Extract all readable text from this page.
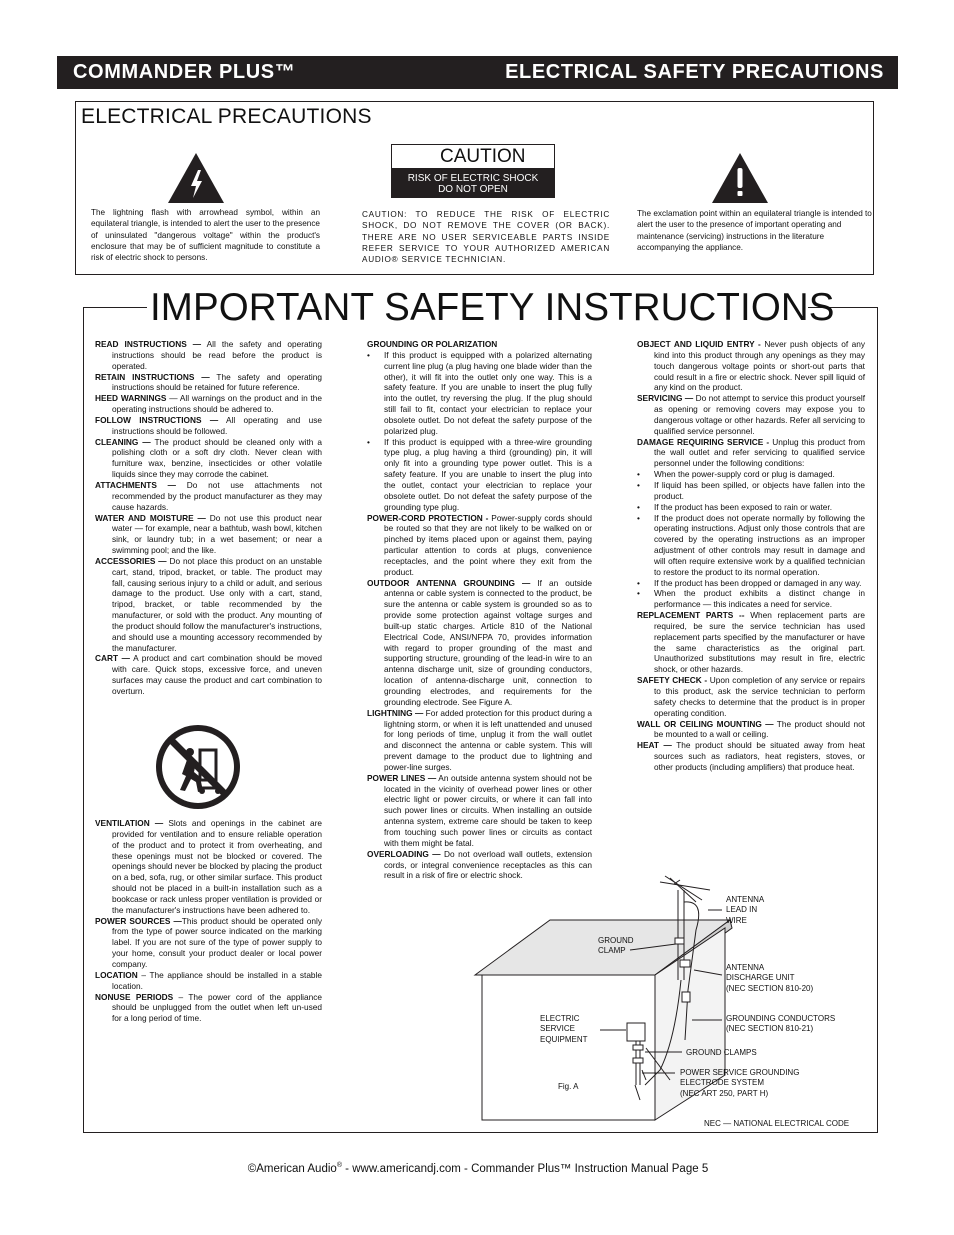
COMMANDER PLUS™	ELECTRICAL SAFETY PRECAUTIONS
ELECTRICAL PRECAUTIONS
The lightning flash with arrowhead symbol, within an equilateral triangle, is intended to alert the user to the presence of uninsulated "dangerous voltage" within the product's enclosure that may be of sufficient magnitude to constitute a risk of electric shock to persons.
CAUTION
RISK OF ELECTRIC SHOCK
DO NOT OPEN
CAUTION: TO REDUCE THE RISK OF ELECTRIC SHOCK, DO NOT REMOVE THE COVER (OR BACK). THERE ARE NO USER SERVICEABLE PARTS INSIDE REFER SERVICE TO YOUR AUTHORIZED AMERICAN AUDIO® SERVICE TECHNICIAN.
The exclamation point within an equilateral triangle is intended to alert the user to the presence of important operating and maintenance (servicing) instructions in the literature accompanying the appliance.
IMPORTANT SAFETY INSTRUCTIONS
READ INSTRUCTIONS — All the safety and operating instructions should be read before the product is operated.
RETAIN INSTRUCTIONS — The safety and operating instructions should be retained for future reference.
HEED WARNINGS — All warnings on the product and in the operating instructions should be adhered to.
FOLLOW INSTRUCTIONS — All operating and use instructions should be followed.
CLEANING — The product should be cleaned only with a polishing cloth or a soft dry cloth. Never clean with furniture wax, benzine, insecticides or other volatile liquids since they may corrode the cabinet.
ATTACHMENTS — Do not use attachments not recommended by the product manufacturer as they may cause hazards.
WATER AND MOISTURE — Do not use this product near water — for example, near a bathtub, wash bowl, kitchen sink, or laundry tub; in a wet basement; or near a swimming pool; and the like.
ACCESSORIES — Do not place this product on an unstable cart, stand, tripod, bracket, or table. The product may fall, causing serious injury to a child or adult, and serious damage to the product. Use only with a cart, stand, tripod, bracket, or table recommended by the manufacturer, or sold with the product. Any mounting of the product should follow the manufacturer's instructions, and should use a mounting accessory recommended by the manufacturer.
CART — A product and cart combination should be moved with care. Quick stops, excessive force, and uneven surfaces may cause the product and cart combination to overturn.
VENTILATION — Slots and openings in the cabinet are provided for ventilation and to ensure reliable operation of the product and to protect it from overheating, and these openings must not be blocked or covered. The openings should never be blocked by placing the product on a bed, sofa, rug, or other similar surface. This product should not be placed in a built-in installation such as a bookcase or rack unless proper ventilation is provided or the manufacturer's instructions have been adhered to.
POWER SOURCES —This product should be operated only from the type of power source indicated on the marking label. If you are not sure of the type of power supply to your home, consult your product dealer or local power company.
LOCATION – The appliance should be installed in a stable location.
NONUSE PERIODS – The power cord of the appliance should be unplugged from the outlet when left un-used for a long period of time.
GROUNDING OR POLARIZATION
• If this product is equipped with a polarized alternating current line plug (a plug having one blade wider than the other), it will fit into the outlet only one way. This is a safety feature. If you are unable to insert the plug fully into the outlet, try reversing the plug. If the plug should still fail to fit, contact your electrician to replace your obsolete outlet. Do not defeat the safety purpose of the polarized plug.
• If this product is equipped with a three-wire grounding type plug, a plug having a third (grounding) pin, it will only fit into a grounding type power outlet. This is a safety feature. If you are unable to insert the plug into the outlet, contact your electrician to replace your obsolete outlet. Do not defeat the safety purpose of the grounding type plug.
POWER-CORD PROTECTION - Power-supply cords should be routed so that they are not likely to be walked on or pinched by items placed upon or against them, paying particular attention to cords at plugs, convenience receptacles, and the point where they exit from the product.
OUTDOOR ANTENNA GROUNDING — If an outside antenna or cable system is connected to the product, be sure the antenna or cable system is grounded so as to provide some protection against voltage surges and built-up static charges. Article 810 of the National Electrical Code, ANSI/NFPA 70, provides information with regard to proper grounding of the mast and supporting structure, grounding of the lead-in wire to an antenna discharge unit, size of grounding conductors, location of antenna-discharge unit, connection to grounding electrodes, and requirements for the grounding electrode. See Figure A.
LIGHTNING — For added protection for this product during a lightning storm, or when it is left unattended and unused for long periods of time, unplug it from the wall outlet and disconnect the antenna or cable system. This will prevent damage to the product due to lightning and power-line surges.
POWER LINES — An outside antenna system should not be located in the vicinity of overhead power lines or other electric light or power circuits, or where it can fall into such power lines or circuits. When installing an outside antenna system, extreme care should be taken to keep from touching such power lines or circuits as contact with them might be fatal.
OVERLOADING — Do not overload wall outlets, extension cords, or integral convenience receptacles as this can result in a risk of fire or electric shock.
OBJECT AND LIQUID ENTRY - Never push objects of any kind into this product through any openings as they may touch dangerous voltage points or short-out parts that could result in a fire or electric shock. Never spill liquid of any kind on the product.
SERVICING — Do not attempt to service this product yourself as opening or removing covers may expose you to dangerous voltage or other hazards. Refer all servicing to qualified service personnel.
DAMAGE REQUIRING SERVICE - Unplug this product from the wall outlet and refer servicing to qualified service personnel under the following conditions:
• When the power-supply cord or plug is damaged.
• If liquid has been spilled, or objects have fallen into the product.
• If the product has been exposed to rain or water.
• If the product does not operate normally by following the operating instructions. Adjust only those controls that are covered by the operating instructions as an improper adjustment of other controls may result in damage and will often require extensive work by a qualified technician to restore the product to its normal operation.
• If the product has been dropped or damaged in any way.
• When the product exhibits a distinct change in performance — this indicates a need for service.
REPLACEMENT PARTS -- When replacement parts are required, be sure the service technician has used replacement parts specified by the manufacturer or have the same characteristics as the original part. Unauthorized substitutions may result in fire, electric shock, or other hazards.
SAFETY CHECK - Upon completion of any service or repairs to this product, ask the service technician to perform safety checks to determine that the product is in proper operating condition.
WALL OR CEILING MOUNTING — The product should not be mounted to a wall or ceiling.
HEAT — The product should be situated away from heat sources such as radiators, heat registers, stoves, or other products (including amplifiers) that produce heat.
ANTENNA
LEAD IN
WIRE
GROUND
CLAMP
ANTENNA
DISCHARGE UNIT
(NEC SECTION 810-20)
ELECTRIC
SERVICE
EQUIPMENT
GROUNDING CONDUCTORS
(NEC SECTION 810-21)
GROUND CLAMPS
POWER SERVICE GROUNDING
ELECTRODE SYSTEM
(NEC ART 250, PART H)
Fig. A
NEC — NATIONAL ELECTRICAL CODE
©American Audio® - www.americandj.com - Commander Plus™ Instruction Manual Page 5
